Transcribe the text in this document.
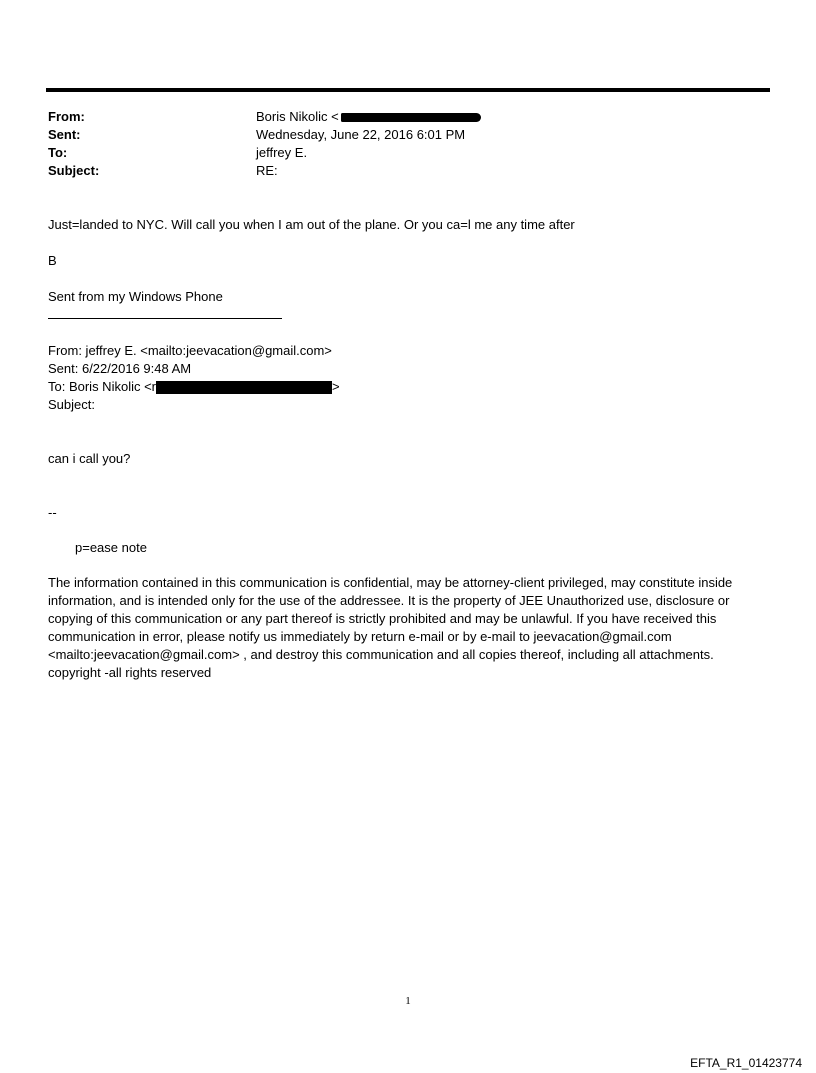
From:	Boris Nikolic <
Sent:	Wednesday, June 22, 2016 6:01 PM
To:	jeffrey E.
Subject:	RE:
Just=landed to NYC. Will call you when I am out of the plane. Or you ca=l me any time after
B
Sent from my Windows Phone
From: jeffrey E. <mailto:jeevacation@gmail.com>
Sent: 6/22/2016 9:48 AM
To: Boris Nikolic <r	>
Subject:
can i call you?
--
p=ease note
The information contained in this communication is confidential, may be attorney-client privileged, may constitute inside information, and is intended only for the use of the addressee. It is the property of JEE Unauthorized use, disclosure or copying of this communication or any part thereof is strictly prohibited and may be unlawful. If you have received this communication in error, please notify us immediately by return e-mail or by e-mail to jeevacation@gmail.com <mailto:jeevacation@gmail.com> , and destroy this communication and all copies thereof, including all attachments. copyright -all rights reserved
1
EFTA_R1_01423774
